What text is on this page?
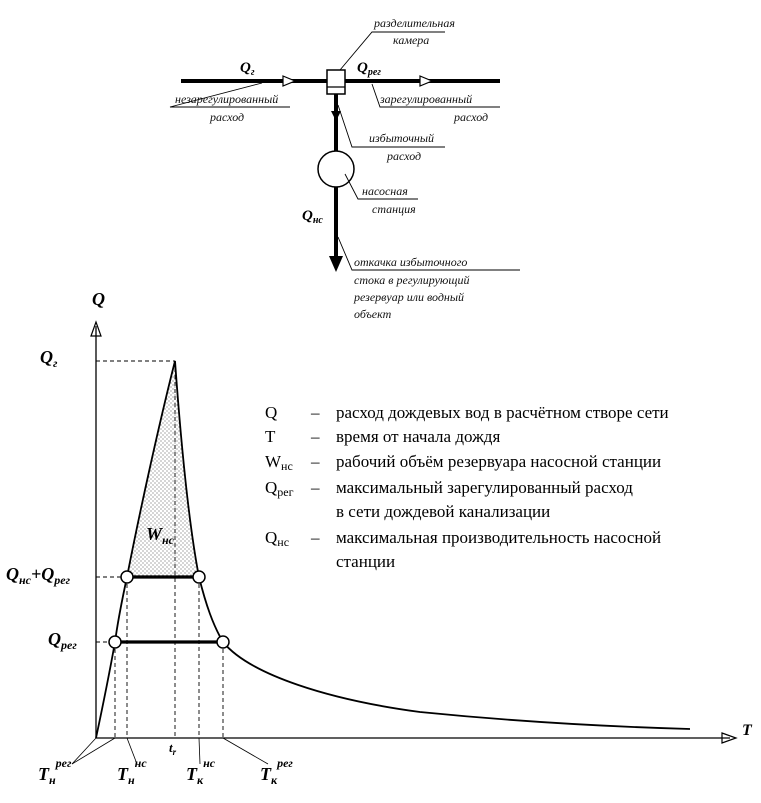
$Q_г$	$Q_{рег}$
$Q_{нс}$
разделительная камера
незарегулированный расход
зарегулированный расход
избыточный расход
насосная станция
откачка избыточного стока в регулирующий резервуар или водный объект
Q
T
$Q_г$
$Q_{нс}+Q_{рег}$
$Q_{рег}$
$T_н^{рег}$
$T_н^{нс}$
$t_r$
$T_к^{нс}$
$T_к^{рег}$
$W_{нс}$
Q – расход дождевых вод в расчётном створе сети
T – время от начала дождя
Wнс – рабочий объём резервуара насосной станции
Qрег – максимальный зарегулированный расход в сети дождевой канализации
Qнс – максимальная производительность насосной станции
